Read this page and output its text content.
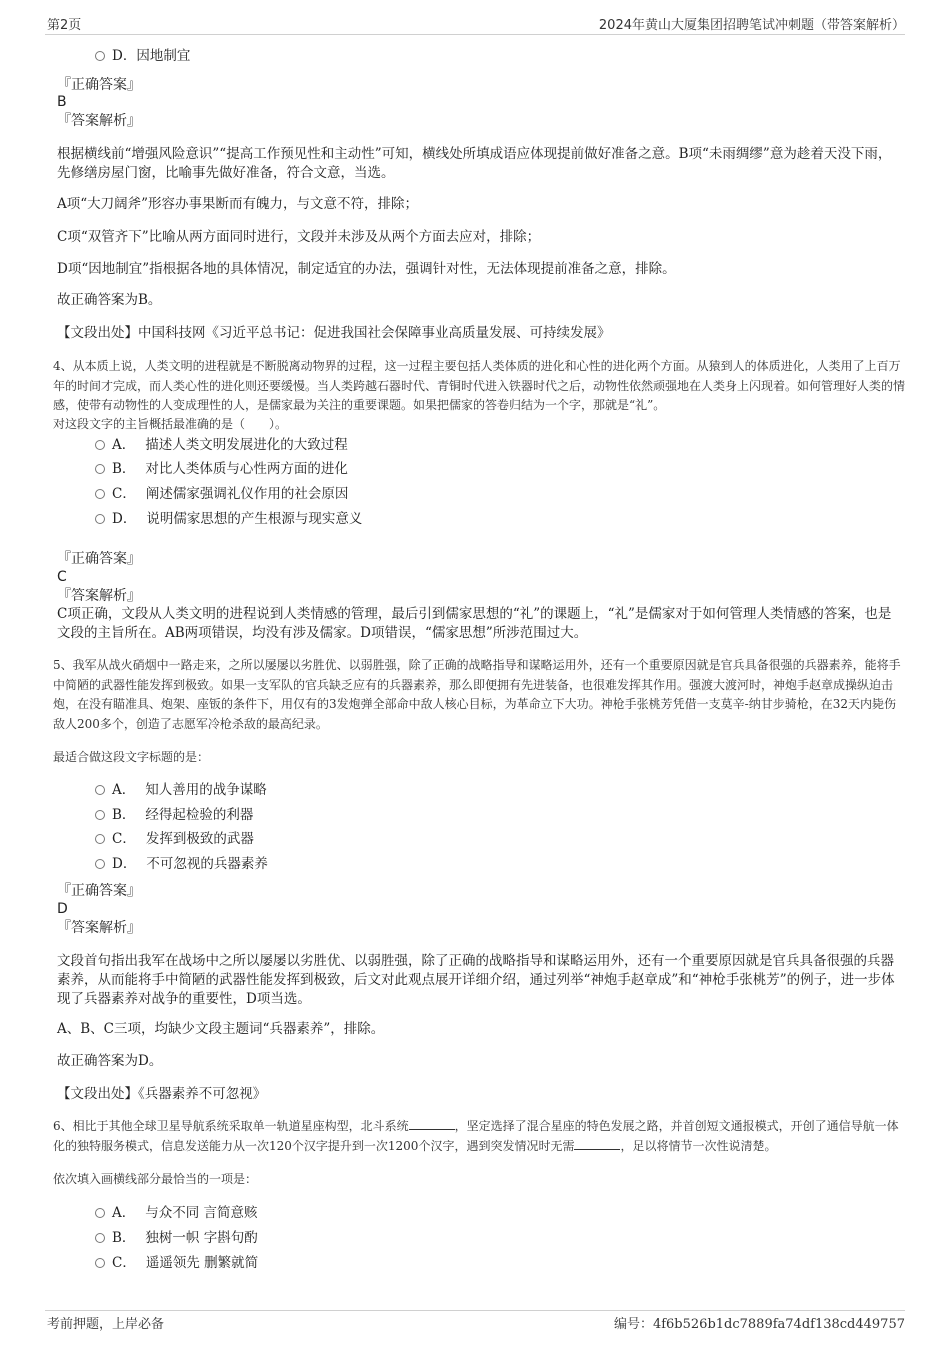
第2页	2024年黄山大厦集团招聘笔试冲刺题（带答案解析）
D．因地制宜
『正确答案』
B
『答案解析』
根据横线前“增强风险意识”“提高工作预见性和主动性”可知，横线处所填成语应体现提前做好准备之意。B项“未雨绸缪”意为趁着天没下雨，先修缮房屋门窗，比喻事先做好准备，符合文意，当选。
A项“大刀阔斧”形容办事果断而有魄力，与文意不符，排除；
C项“双管齐下”比喻从两方面同时进行，文段并未涉及从两个方面去应对，排除；
D项“因地制宜”指根据各地的具体情况，制定适宜的办法，强调针对性，无法体现提前准备之意，排除。
故正确答案为B。
【文段出处】中国科技网《习近平总书记：促进我国社会保障事业高质量发展、可持续发展》
4、从本质上说，人类文明的进程就是不断脱离动物界的过程，这一过程主要包括人类体质的进化和心性的进化两个方面。从猿到人的体质进化，人类用了上百万年的时间才完成，而人类心性的进化则还要缓慢。当人类跨越石器时代、青铜时代进入铁器时代之后，动物性依然顽强地在人类身上闪现着。如何管理好人类的情感，使带有动物性的人变成理性的人，是儒家最为关注的重要课题。如果把儒家的答卷归结为一个字，那就是“礼”。
对这段文字的主旨概括最准确的是（　　）。
A． 描述人类文明发展进化的大致过程
B． 对比人类体质与心性两方面的进化
C． 阐述儒家强调礼仪作用的社会原因
D． 说明儒家思想的产生根源与现实意义
『正确答案』
C
『答案解析』
C项正确，文段从人类文明的进程说到人类情感的管理，最后引到儒家思想的“礼”的课题上，“礼”是儒家对于如何管理人类情感的答案，也是文段的主旨所在。AB两项错误，均没有涉及儒家。D项错误，“儒家思想”所涉范围过大。
5、我军从战火硝烟中一路走来，之所以屡屡以劣胜优、以弱胜强，除了正确的战略指导和谋略运用外，还有一个重要原因就是官兵具备很强的兵器素养，能将手中简陋的武器性能发挥到极致。如果一支军队的官兵缺乏应有的兵器素养，那么即便拥有先进装备，也很难发挥其作用。强渡大渡河时，神炮手赵章成操纵迫击炮，在没有瞄准具、炮架、座钣的条件下，用仅有的3发炮弹全部命中敌人核心目标，为革命立下大功。神枪手张桃芳凭借一支莫辛-纳甘步骑枪，在32天内毙伤敌人200多个，创造了志愿军冷枪杀敌的最高纪录。
最适合做这段文字标题的是：
A． 知人善用的战争谋略
B． 经得起检验的利器
C． 发挥到极致的武器
D． 不可忽视的兵器素养
『正确答案』
D
『答案解析』
文段首句指出我军在战场中之所以屡屡以劣胜优、以弱胜强，除了正确的战略指导和谋略运用外，还有一个重要原因就是官兵具备很强的兵器素养，从而能将手中简陋的武器性能发挥到极致，后文对此观点展开详细介绍，通过列举“神炮手赵章成”和“神枪手张桃芳”的例子，进一步体现了兵器素养对战争的重要性，D项当选。
A、B、C三项，均缺少文段主题词“兵器素养”，排除。
故正确答案为D。
【文段出处】《兵器素养不可忽视》
6、相比于其他全球卫星导航系统采取单一轨道星座构型，北斗系统	，坚定选择了混合星座的特色发展之路，并首创短文通报模式，开创了通信导航一体化的独特服务模式，信息发送能力从一次120个汉字提升到一次1200个汉字，遇到突发情况时无需	，足以将情节一次性说清楚。
依次填入画横线部分最恰当的一项是：
A． 与众不同 言简意赅
B． 独树一帜 字斟句酌
C． 遥遥领先 删繁就简
考前押题，上岸必备	编号：4f6b526b1dc7889fa74df138cd449757
